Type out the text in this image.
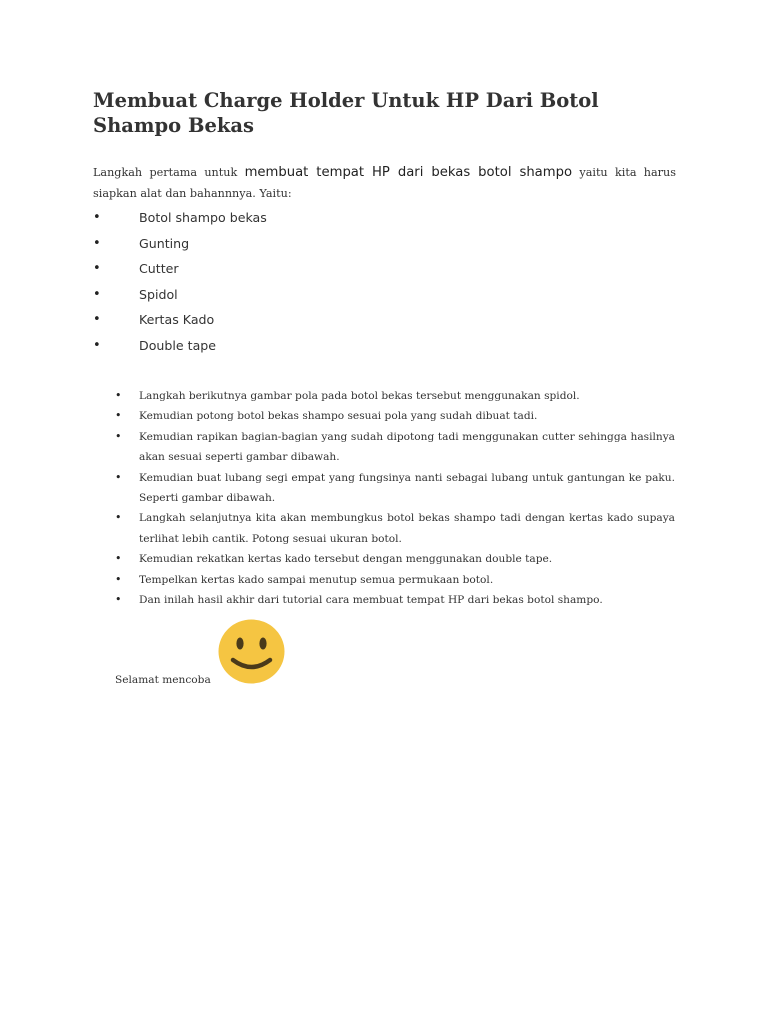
Membuat Charge Holder Untuk HP Dari Botol Shampo Bekas

Langkah pertama untuk membuat tempat HP dari bekas botol shampo yaitu kita harus siapkan alat dan bahannnya. Yaitu:

•	Botol shampo bekas
•	Gunting
•	Cutter
•	Spidol
•	Kertas Kado
•	Double tape
• Langkah berikutnya gambar pola pada botol bekas tersebut menggunakan spidol.
• Kemudian potong botol bekas shampo sesuai pola yang sudah dibuat tadi.
• Kemudian rapikan bagian-bagian yang sudah dipotong tadi menggunakan cutter sehingga hasilnya akan sesuai seperti gambar dibawah.
• Kemudian buat lubang segi empat yang fungsinya nanti sebagai lubang untuk gantungan ke paku. Seperti gambar dibawah.
• Langkah selanjutnya kita akan membungkus botol bekas shampo tadi dengan kertas kado supaya terlihat lebih cantik. Potong sesuai ukuran botol.
• Kemudian rekatkan kertas kado tersebut dengan menggunakan double tape.
• Tempelkan kertas kado sampai menutup semua permukaan botol.
• Dan inilah hasil akhir dari tutorial cara membuat tempat HP dari bekas botol shampo.

Selamat mencoba
